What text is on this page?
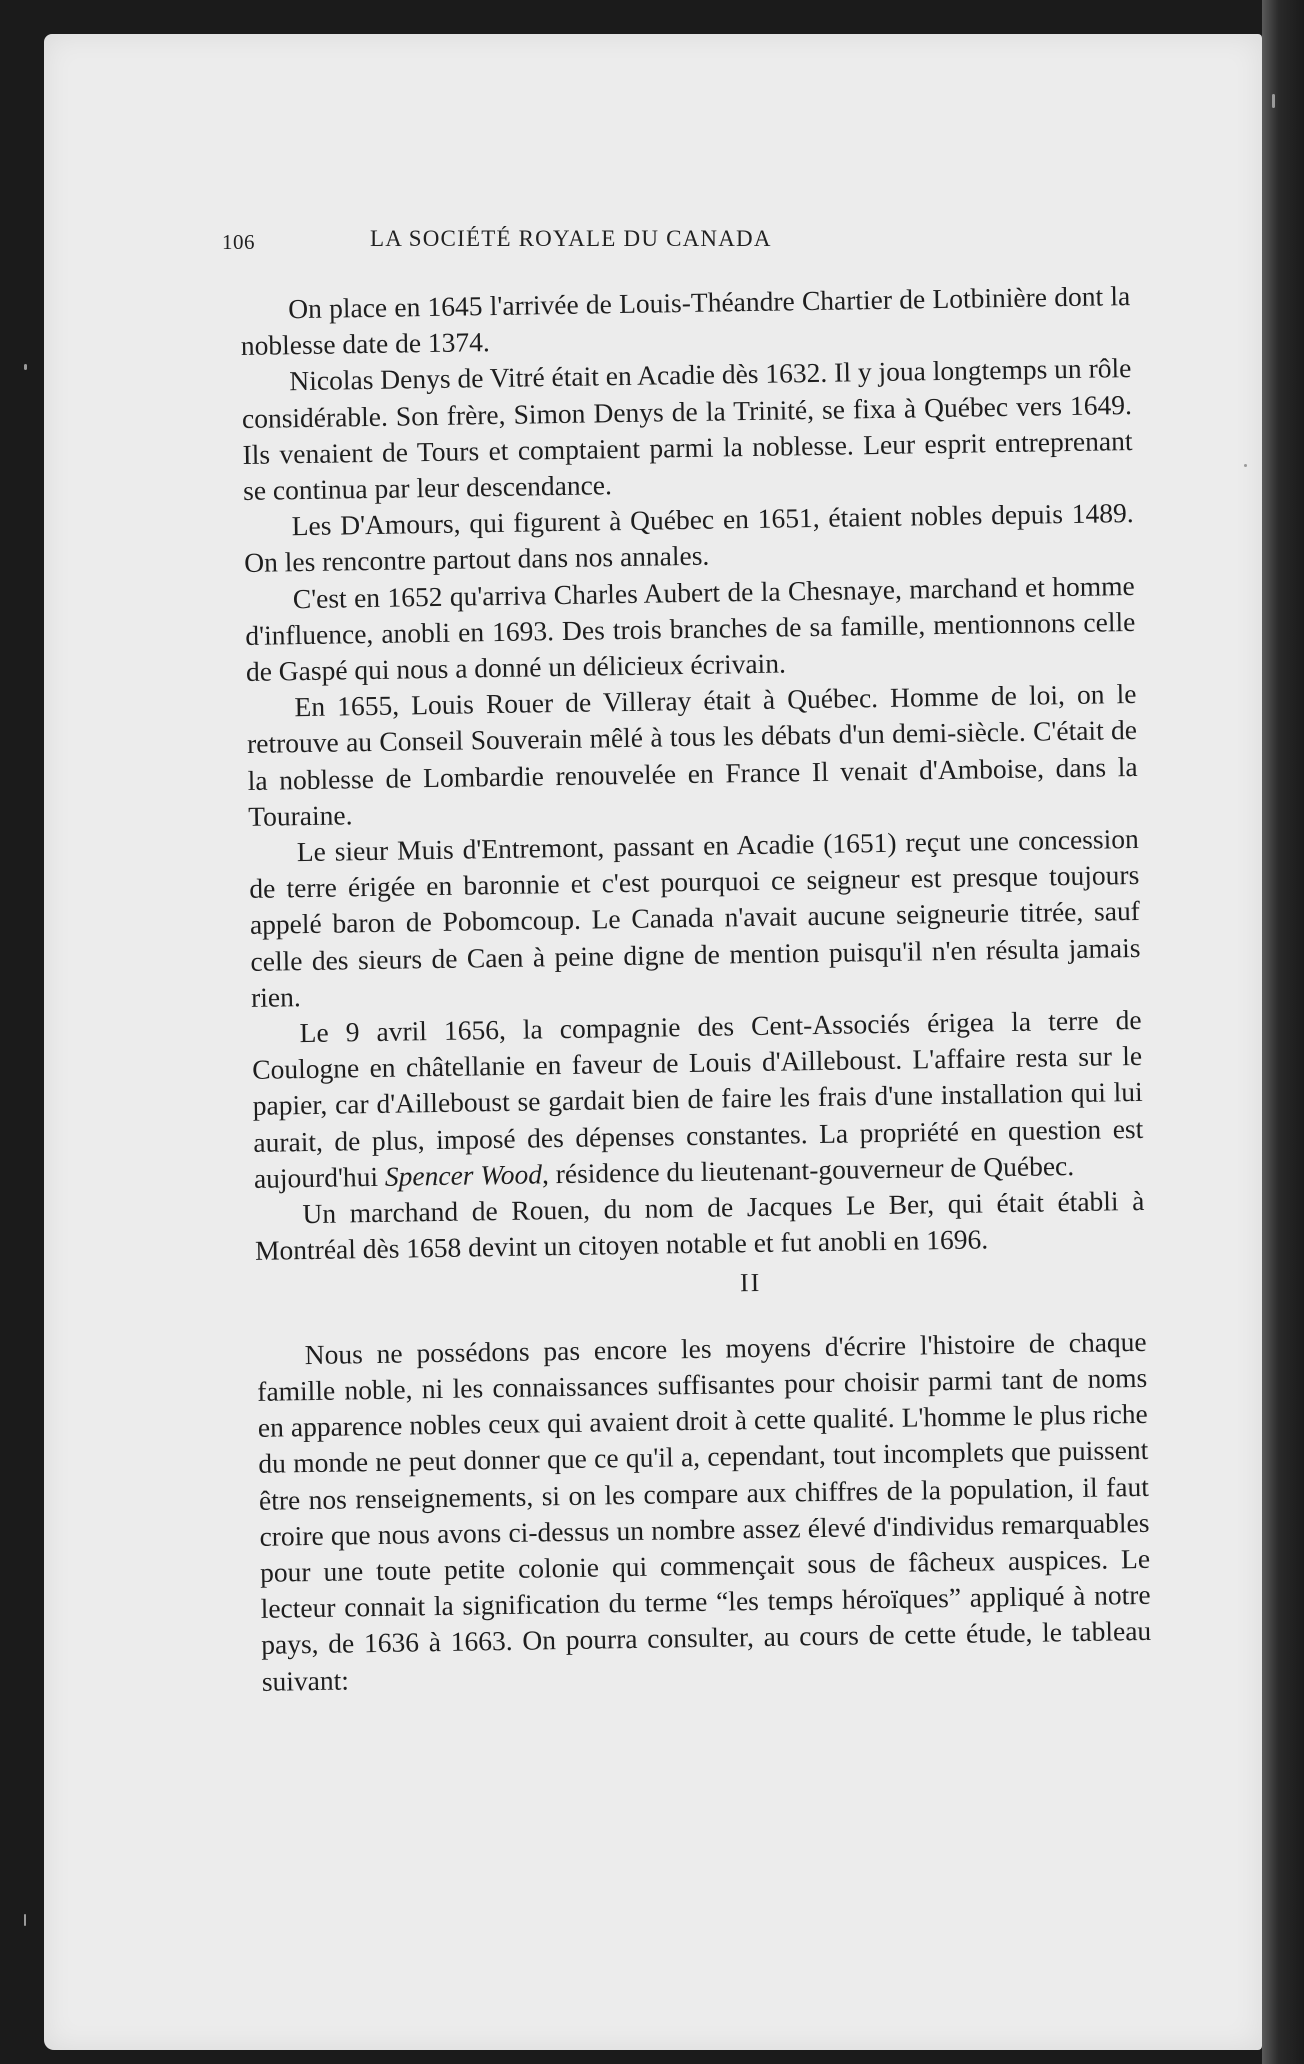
106	LA SOCIÉTÉ ROYALE DU CANADA

On place en 1645 l'arrivée de Louis-Théandre Chartier de Lotbinière dont la noblesse date de 1374.

Nicolas Denys de Vitré était en Acadie dès 1632. Il y joua longtemps un rôle considérable. Son frère, Simon Denys de la Trinité, se fixa à Québec vers 1649. Ils venaient de Tours et comptaient parmi la noblesse. Leur esprit entreprenant se continua par leur descendance.

Les D'Amours, qui figurent à Québec en 1651, étaient nobles depuis 1489. On les rencontre partout dans nos annales.

C'est en 1652 qu'arriva Charles Aubert de la Chesnaye, marchand et homme d'influence, anobli en 1693. Des trois branches de sa famille, mentionnons celle de Gaspé qui nous a donné un délicieux écrivain.

En 1655, Louis Rouer de Villeray était à Québec. Homme de loi, on le retrouve au Conseil Souverain mêlé à tous les débats d'un demi-siècle. C'était de la noblesse de Lombardie renouvelée en France Il venait d'Amboise, dans la Touraine.

Le sieur Muis d'Entremont, passant en Acadie (1651) reçut une concession de terre érigée en baronnie et c'est pourquoi ce seigneur est presque toujours appelé baron de Pobomcoup. Le Canada n'avait aucune seigneurie titrée, sauf celle des sieurs de Caen à peine digne de mention puisqu'il n'en résulta jamais rien.

Le 9 avril 1656, la compagnie des Cent-Associés érigea la terre de Coulogne en châtellanie en faveur de Louis d'Ailleboust. L'affaire resta sur le papier, car d'Ailleboust se gardait bien de faire les frais d'une installation qui lui aurait, de plus, imposé des dépenses constantes. La propriété en question est aujourd'hui Spencer Wood, résidence du lieutenant-gouverneur de Québec.

Un marchand de Rouen, du nom de Jacques Le Ber, qui était établi à Montréal dès 1658 devint un citoyen notable et fut anobli en 1696.

II

Nous ne possédons pas encore les moyens d'écrire l'histoire de chaque famille noble, ni les connaissances suffisantes pour choisir parmi tant de noms en apparence nobles ceux qui avaient droit à cette qualité. L'homme le plus riche du monde ne peut donner que ce qu'il a, cependant, tout incomplets que puissent être nos renseignements, si on les compare aux chiffres de la population, il faut croire que nous avons ci-dessus un nombre assez élevé d'individus remarquables pour une toute petite colonie qui commençait sous de fâcheux auspices. Le lecteur connait la signification du terme “les temps héroïques” appliqué à notre pays, de 1636 à 1663. On pourra consulter, au cours de cette étude, le tableau suivant:
